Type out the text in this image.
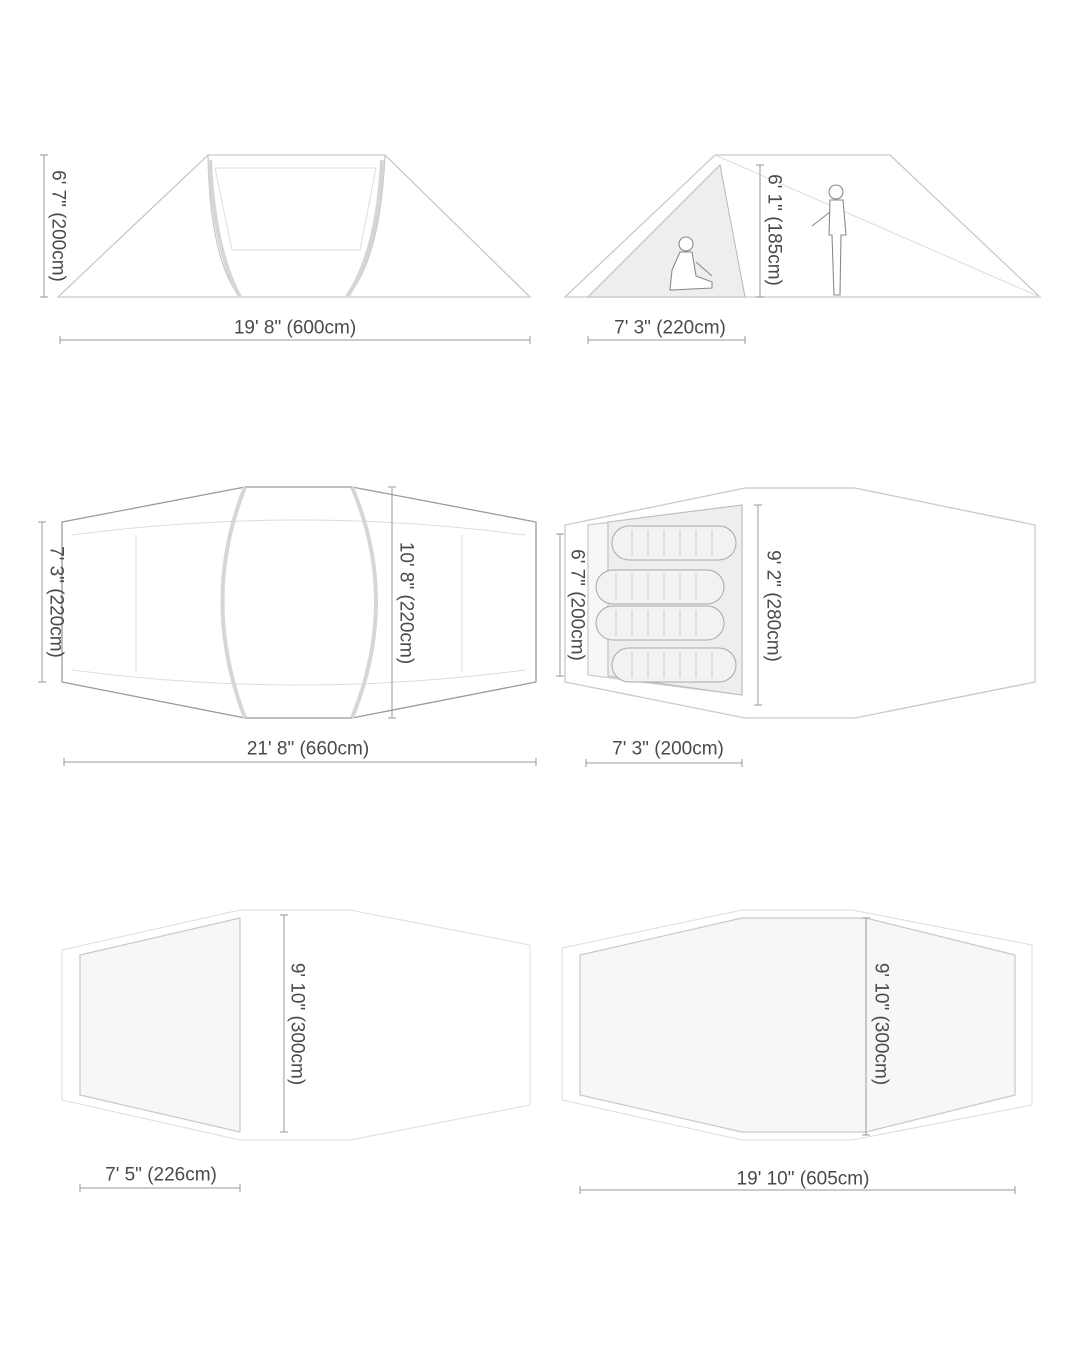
6' 7" (200cm)
19' 8" (600cm)
6' 1" (185cm)
7' 3" (220cm)
7' 3" (220cm)	10' 8" (220cm)
21' 8" (660cm)
6' 7" (200cm)	9' 2" (280cm)
7' 3" (200cm)
9' 10" (300cm)
7' 5" (226cm)
9' 10" (300cm)
19' 10" (605cm)
